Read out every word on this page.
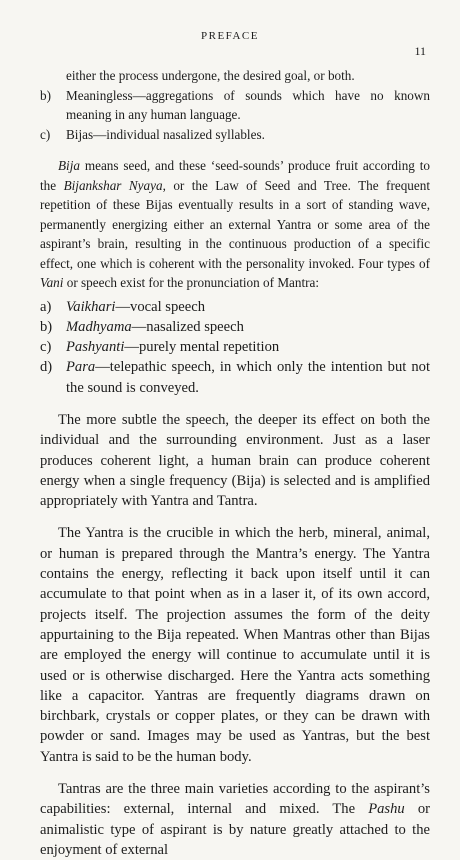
PREFACE
11
either the process undergone, the desired goal, or both.
b)	Meaningless—aggregations of sounds which have no known meaning in any human language.
c)	Bijas—individual nasalized syllables.

Bija means seed, and these ‘seed-sounds’ produce fruit according to the Bijankshar Nyaya, or the Law of Seed and Tree. The frequent repetition of these Bijas eventually results in a sort of standing wave, permanently energizing either an external Yantra or some area of the aspirant’s brain, resulting in the continuous production of a specific effect, one which is coherent with the personality invoked. Four types of Vani or speech exist for the pronunciation of Mantra:

a)	Vaikhari—vocal speech
b) Madhyama—nasalized speech
c)	Pashyanti—purely mental repetition
d) Para—telepathic speech, in which only the intention but not the sound is conveyed.

The more subtle the speech, the deeper its effect on both the individual and the surrounding environment. Just as a laser produces coherent light, a human brain can produce coherent energy when a single frequency (Bija) is selected and is amplified appropriately with Yantra and Tantra.

The Yantra is the crucible in which the herb, mineral, animal, or human is prepared through the Mantra’s energy. The Yantra contains the energy, reflecting it back upon itself until it can accumulate to that point when as in a laser it, of its own accord, projects itself. The projection assumes the form of the deity appurtaining to the Bija repeated. When Mantras other than Bijas are employed the energy will continue to accumulate until it is used or is otherwise discharged. Here the Yantra acts something like a capacitor. Yantras are frequently diagrams drawn on birchbark, crystals or copper plates, or they can be drawn with powder or sand. Images may be used as Yantras, but the best Yantra is said to be the human body.

Tantras are the three main varieties according to the aspirant’s capabilities: external, internal and mixed. The Pashu or animalistic type of aspirant is by nature greatly attached to the enjoyment of external
